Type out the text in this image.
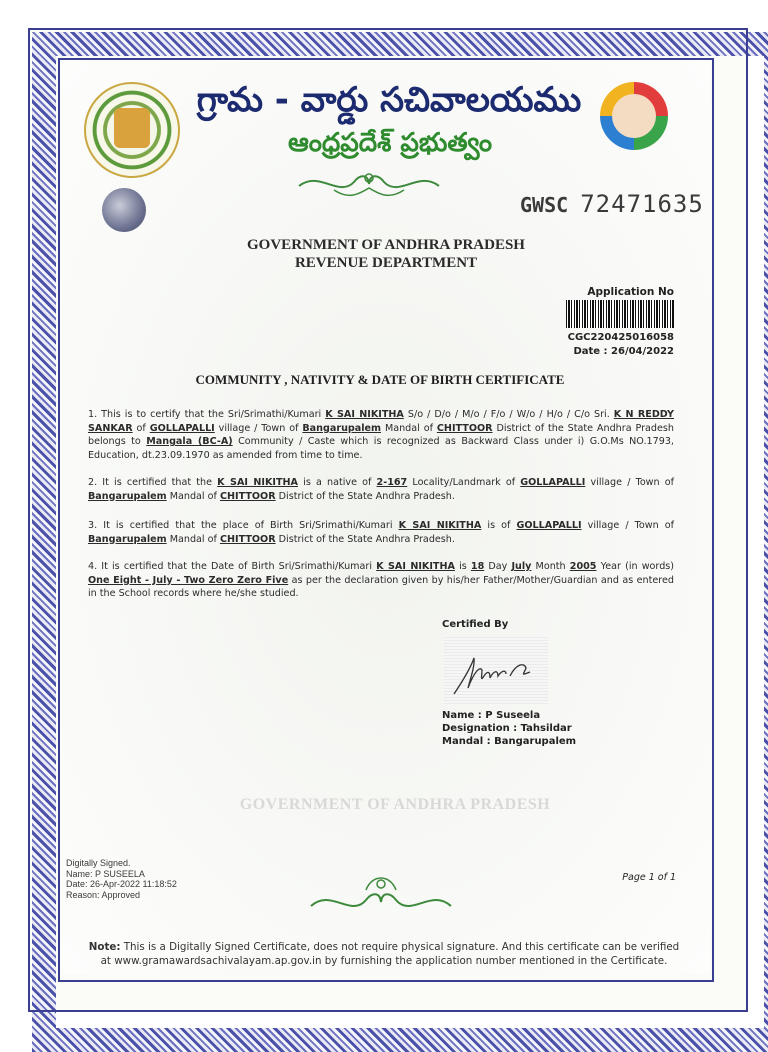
గ్రామ - వార్డు సచివాలయము
ఆంధ్రప్రదేశ్ ప్రభుత్వం
GWSC 72471635
GOVERNMENT OF ANDHRA PRADESH
REVENUE DEPARTMENT
Application No
CGC220425016058
Date : 26/04/2022
COMMUNITY , NATIVITY & DATE OF BIRTH CERTIFICATE
1. This is to certify that the Sri/Srimathi/Kumari K SAI NIKITHA S/o / D/o / M/o / F/o / W/o / H/o / C/o Sri. K N REDDY SANKAR of GOLLAPALLI village / Town of Bangarupalem Mandal of CHITTOOR District of the State Andhra Pradesh belongs to Mangala (BC-A) Community / Caste which is recognized as Backward Class under i) G.O.Ms NO.1793, Education, dt.23.09.1970 as amended from time to time.
2. It is certified that the K SAI NIKITHA is a native of 2-167 Locality/Landmark of GOLLAPALLI village / Town of Bangarupalem Mandal of CHITTOOR District of the State Andhra Pradesh.
3. It is certified that the place of Birth Sri/Srimathi/Kumari K SAI NIKITHA is of GOLLAPALLI village / Town of Bangarupalem Mandal of CHITTOOR District of the State Andhra Pradesh.
4. It is certified that the Date of Birth Sri/Srimathi/Kumari K SAI NIKITHA is 18 Day July Month 2005 Year (in words) One Eight - July - Two Zero Zero Five as per the declaration given by his/her Father/Mother/Guardian and as entered in the School records where he/she studied.
Certified By
Name : P Suseela
Designation : Tahsildar
Mandal : Bangarupalem
GOVERNMENT OF ANDHRA PRADESH
Digitally Signed.
Name: P SUSEELA
Date: 26-Apr-2022 11:18:52
Reason: Approved
Page 1 of 1
Note: This is a Digitally Signed Certificate, does not require physical signature. And this certificate can be verified
at www.gramawardsachivalayam.ap.gov.in by furnishing the application number mentioned in the Certificate.
